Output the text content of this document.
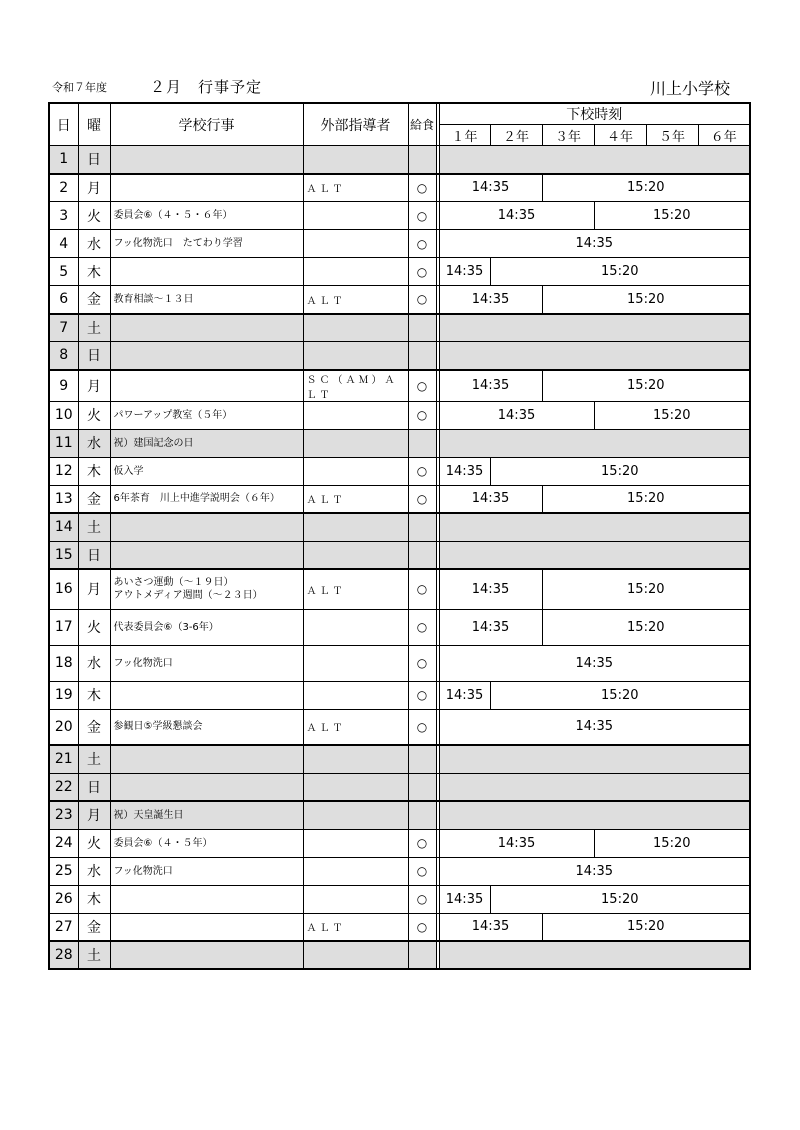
令和７年度	２月　行事予定	川上小学校
日	曜	学校行事	外部指導者	給食		下校時刻					
						１年	２年	３年	４年	５年	６年
1	日										
2	月		ＡＬＴ	○		14:35		15:20			
3	火	委員会⑥（４・５・６年）		○		14:35			15:20		
4	水	フッ化物洗口　たてわり学習		○		14:35					
5	木			○		14:35	15:20				
6	金	教育相談～１３日	ＡＬＴ	○		14:35		15:20			
7	土										
8	日										
9	月		ＳＣ（ＡＭ）ＡＬＴ	○		14:35		15:20			
10	火	パワーアップ教室（５年）		○		14:35			15:20		
11	水	祝）建国記念の日									
12	木	仮入学		○		14:35	15:20				
13	金	6年茶育　川上中進学説明会（６年）	ＡＬＴ	○		14:35		15:20			
14	土										
15	日										
16	月	あいさつ運動（～１９日）
アウトメディア週間（～２３日）	ＡＬＴ	○		14:35		15:20			
17	火	代表委員会⑥（3-6年）		○		14:35		15:20			
18	水	フッ化物洗口		○		14:35					
19	木			○		14:35	15:20				
20	金	参観日⑤学級懇談会	ＡＬＴ	○		14:35					
21	土										
22	日										
23	月	祝）天皇誕生日									
24	火	委員会⑥（４・５年）		○		14:35			15:20		
25	水	フッ化物洗口		○		14:35					
26	木			○		14:35	15:20				
27	金		ＡＬＴ	○		14:35		15:20			
28	土										
